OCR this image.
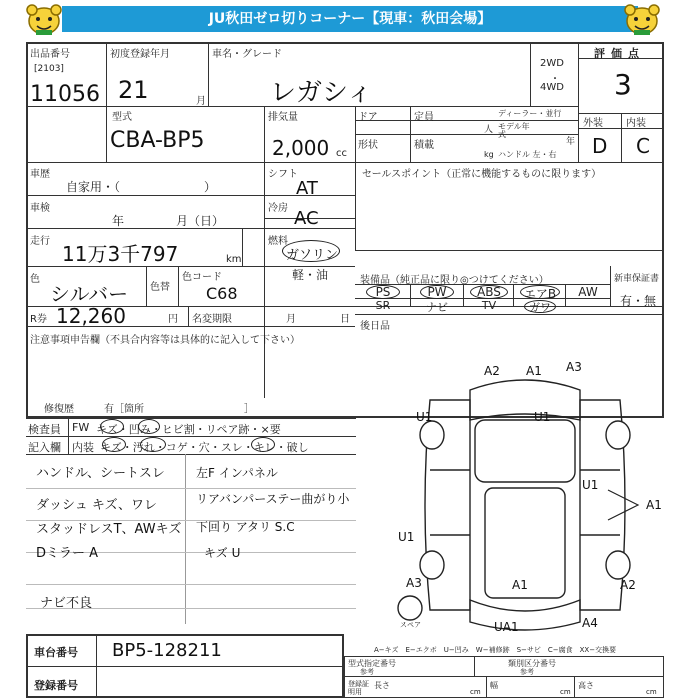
JU秋田ゼロ切りコーナー【現車：秋田会場】
出品番号
[2103]
11056
初度登録年月
21	月
車名・グレード
レガシィ
2WD
・
4WD
評価点
3
型式
CBA-BP5
排気量
2,000 cc
ドア	定員
形状	積載
kg
ディーラー・並行
人 モデル年式
年
ハンドル 左・右
外装 内装
D C
車歴
自家用・（　　　　　　　）
シフト
AT
セールスポイント（正常に機能するものに限ります）
車検
年	月（日）
冷房 AC
走行
11万3千797	km
燃料
ガソリン
軽・油
色
シルバー 色替
色コード
C68
装備品（純正品に限り◎つけてください）	新車保証書
有・無
PS	PW	ABS	エアB	AW
SR	ナビ	TV	ガワ
R券 12,260	円 名変期限	月	日
後日品
注意事項申告欄（不具合内容等は具体的に記入して下さい）
修復歴	有［箇所　　　　　　　　　　］
検査員
記入欄
FW キズ・凹み・ヒビ割・リペア跡・×要
内装 キズ・汚れ・コゲ・穴・スレ・キレ・破し
ハンドル、シートスレ
ダッシュ キズ、ワレ
スタッドレスT、AWキズ
Dミラー A
ナビ不良
左F インパネル
リアバンパーステー曲がり小
下回り アタリ S.C
キズ U
A2 A1 A3
U1	U1
U1
A1
U1
A3	A1	A2
UA1	A4
スペア
車台番号 BP5-128211
登録番号
A−キズ　E−エクボ　U−凹み　W−補修跡　S−サビ　C−腐食　XX−交換要
型式指定番号
参考
類別区分番号
参考
登録証明用
長さ
cm
幅
cm
高さ
cm
